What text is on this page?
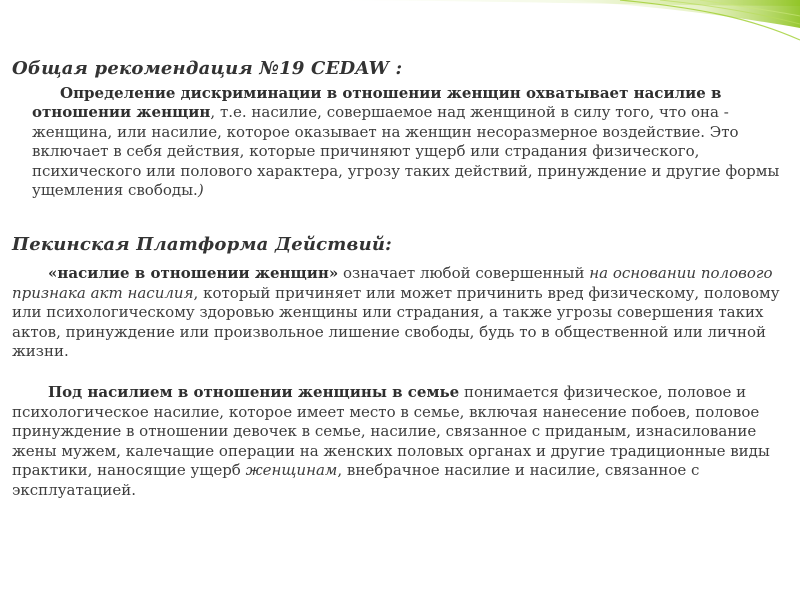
Общая рекомендация №19 CEDAW :

Определение дискриминации в отношении женщин охватывает насилие в отношении женщин, т.е. насилие, совершаемое над женщиной в силу того, что она - женщина, или насилие, которое оказывает на женщин несоразмерное воздействие. Это включает в себя действия, которые причиняют ущерб или страдания физического, психического или полового характера, угрозу таких действий, принуждение и другие формы ущемления свободы.)

Пекинская Платформа Действий:

«насилие в отношении женщин» означает любой совершенный на основании полового признака акт насилия, который причиняет или может причинить вред физическому, половому или психологическому здоровью женщины или страдания, а также угрозы совершения таких актов, принуждение или произвольное лишение свободы, будь то в общественной или личной жизни.

Под насилием в отношении женщины в семье понимается физическое, половое и психологическое насилие, которое имеет место в семье, включая нанесение побоев, половое принуждение в отношении девочек в семье, насилие, связанное с приданым, изнасилование жены мужем, калечащие операции на женских половых органах и другие традиционные виды практики, наносящие ущерб женщинам, внебрачное насилие и насилие, связанное с эксплуатацией.
